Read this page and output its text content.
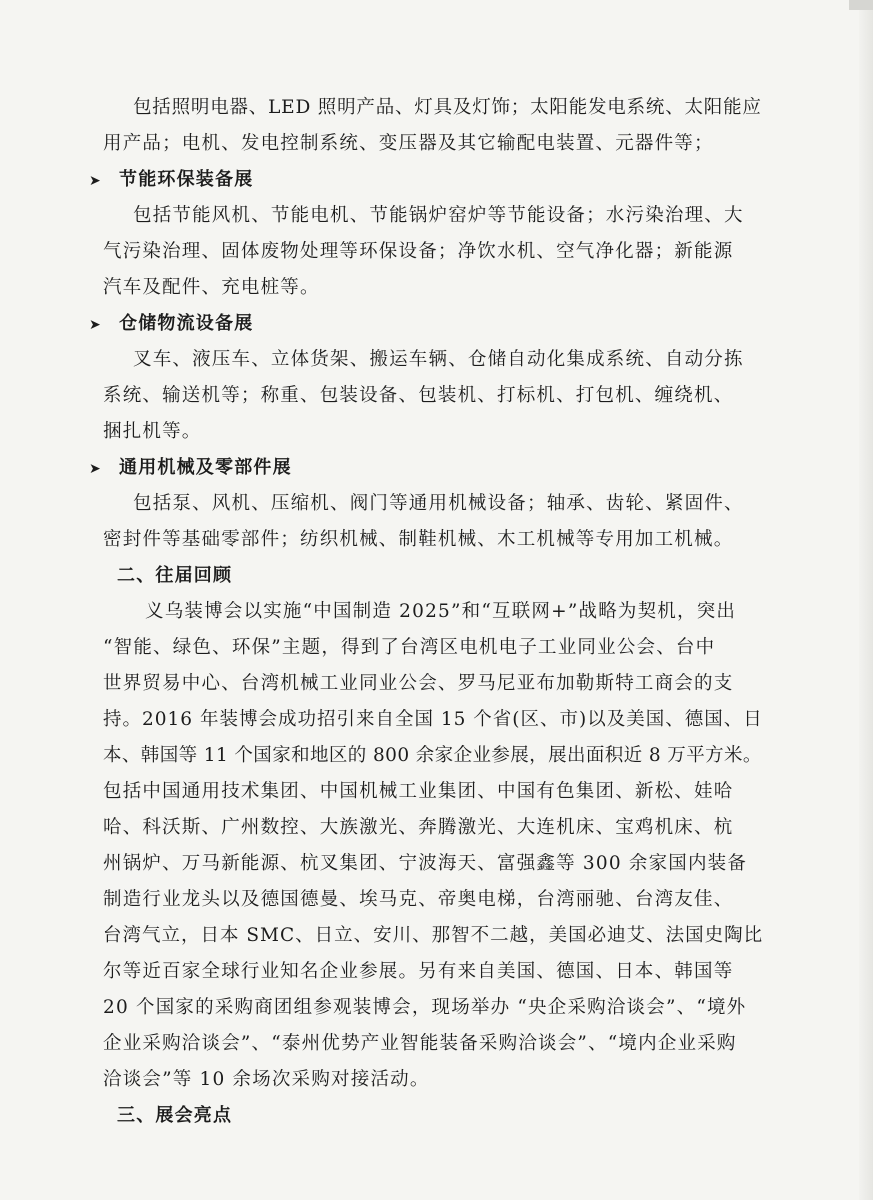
包括照明电器、LED 照明产品、灯具及灯饰；太阳能发电系统、太阳能应
用产品；电机、发电控制系统、变压器及其它输配电装置、元器件等；
➤ 节能环保装备展
包括节能风机、节能电机、节能锅炉窑炉等节能设备；水污染治理、大
气污染治理、固体废物处理等环保设备；净饮水机、空气净化器；新能源
汽车及配件、充电桩等。
➤ 仓储物流设备展
叉车、液压车、立体货架、搬运车辆、仓储自动化集成系统、自动分拣
系统、输送机等；称重、包装设备、包装机、打标机、打包机、缠绕机、
捆扎机等。
➤ 通用机械及零部件展
包括泵、风机、压缩机、阀门等通用机械设备；轴承、齿轮、紧固件、
密封件等基础零部件；纺织机械、制鞋机械、木工机械等专用加工机械。
二、往届回顾
义乌装博会以实施“中国制造 2025”和“互联网+”战略为契机，突出
“智能、绿色、环保”主题，得到了台湾区电机电子工业同业公会、台中
世界贸易中心、台湾机械工业同业公会、罗马尼亚布加勒斯特工商会的支
持。2016 年装博会成功招引来自全国 15 个省(区、市)以及美国、德国、日
本、韩国等 11 个国家和地区的 800 余家企业参展，展出面积近 8 万平方米。
包括中国通用技术集团、中国机械工业集团、中国有色集团、新松、娃哈
哈、科沃斯、广州数控、大族激光、奔腾激光、大连机床、宝鸡机床、杭
州锅炉、万马新能源、杭叉集团、宁波海天、富强鑫等 300 余家国内装备
制造行业龙头以及德国德曼、埃马克、帝奥电梯，台湾丽驰、台湾友佳、
台湾气立，日本 SMC、日立、安川、那智不二越，美国必迪艾、法国史陶比
尔等近百家全球行业知名企业参展。另有来自美国、德国、日本、韩国等
20 个国家的采购商团组参观装博会，现场举办 “央企采购洽谈会”、“境外
企业采购洽谈会”、“泰州优势产业智能装备采购洽谈会”、“境内企业采购
洽谈会”等 10 余场次采购对接活动。
三、展会亮点
